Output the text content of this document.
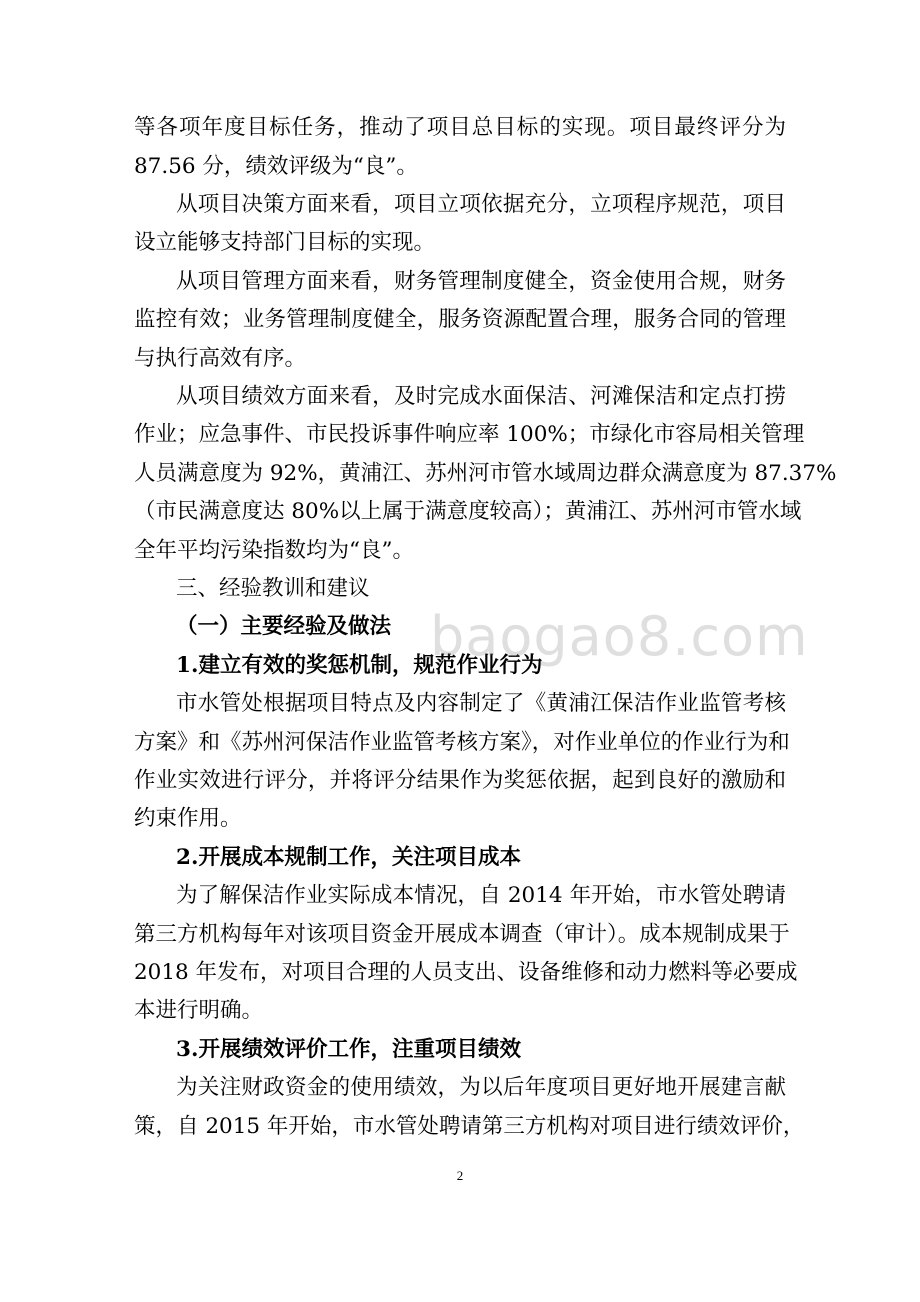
等各项年度目标任务，推动了项目总目标的实现。项目最终评分为
87.56 分，绩效评级为“良”。
从项目决策方面来看，项目立项依据充分，立项程序规范，项目
设立能够支持部门目标的实现。
从项目管理方面来看，财务管理制度健全，资金使用合规，财务
监控有效；业务管理制度健全，服务资源配置合理，服务合同的管理
与执行高效有序。
从项目绩效方面来看，及时完成水面保洁、河滩保洁和定点打捞
作业；应急事件、市民投诉事件响应率 100%；市绿化市容局相关管理
人员满意度为 92%，黄浦江、苏州河市管水域周边群众满意度为 87.37%
（市民满意度达 80%以上属于满意度较高）；黄浦江、苏州河市管水域
全年平均污染指数均为“良”。
三、经验教训和建议
（一）主要经验及做法
1.建立有效的奖惩机制，规范作业行为
市水管处根据项目特点及内容制定了《黄浦江保洁作业监管考核
方案》和《苏州河保洁作业监管考核方案》，对作业单位的作业行为和
作业实效进行评分，并将评分结果作为奖惩依据，起到良好的激励和
约束作用。
2.开展成本规制工作，关注项目成本
为了解保洁作业实际成本情况，自 2014 年开始，市水管处聘请
第三方机构每年对该项目资金开展成本调查（审计）。成本规制成果于
2018 年发布，对项目合理的人员支出、设备维修和动力燃料等必要成
本进行明确。
3.开展绩效评价工作，注重项目绩效
为关注财政资金的使用绩效，为以后年度项目更好地开展建言献
策，自 2015 年开始，市水管处聘请第三方机构对项目进行绩效评价，
baogao8.com
2
